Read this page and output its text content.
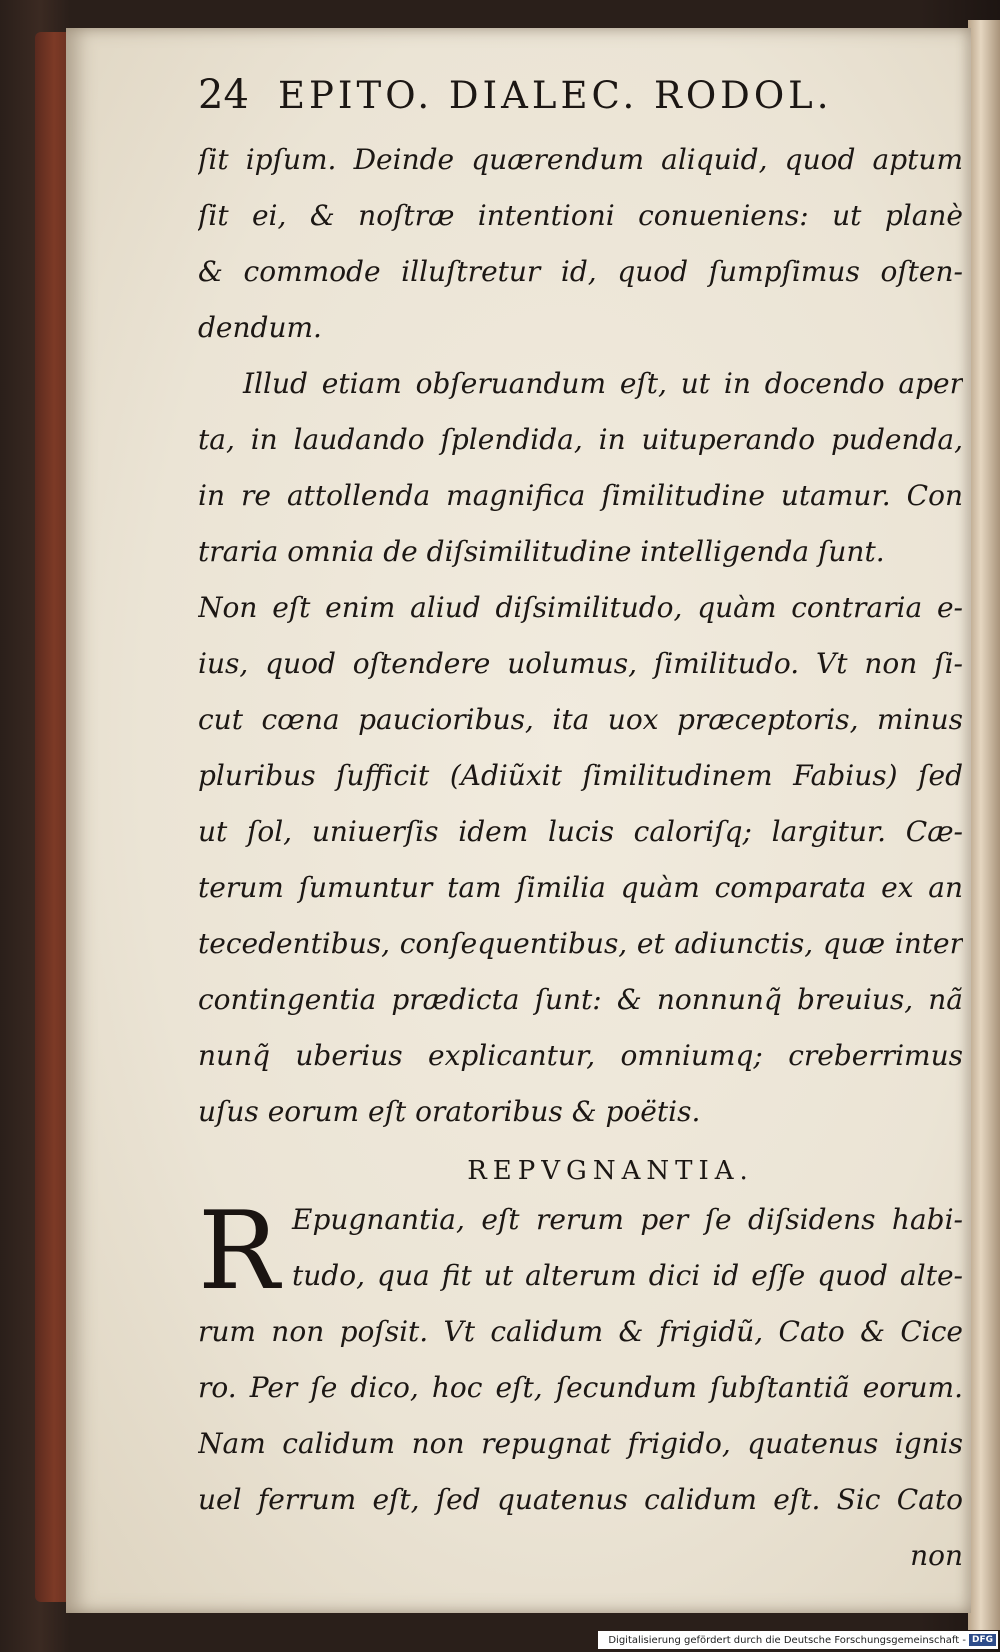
24 EPITO. DIALEC. RODOL.
ſit ipſum. Deinde quærendum aliquid, quod aptum
ſit ei, & noſtræ intentioni conueniens: ut planè
& commode illuſtretur id, quod ſumpſimus oſten-
dendum.
Illud etiam obſeruandum eſt, ut in docendo aper
ta, in laudando ſplendida, in uituperando pudenda,
in re attollenda magnifica ſimilitudine utamur. Con
traria omnia de diſsimilitudine intelligenda ſunt.
Non eſt enim aliud diſsimilitudo, quàm contraria e-
ius, quod oſtendere uolumus, ſimilitudo. Vt non ſi-
cut cœna paucioribus, ita uox præceptoris, minus
pluribus ſufficit (Adiũxit ſimilitudinem Fabius) ſed
ut ſol, uniuerſis idem lucis caloriſq; largitur. Cæ-
terum ſumuntur tam ſimilia quàm comparata ex an
tecedentibus, conſequentibus, et adiunctis, quæ inter
contingentia prædicta ſunt: & nonnunq̃ breuius, nã
nunq̃ uberius explicantur, omniumq; creberrimus
uſus eorum eſt oratoribus & poëtis.
REPVGNANTIA.
R Epugnantia, eſt rerum per ſe diſsidens habi-
tudo, qua fit ut alterum dici id eſſe quod alte-
rum non poſsit. Vt calidum & frigidũ, Cato & Cice
ro. Per ſe dico, hoc eſt, ſecundum ſubſtantiã eorum.
Nam calidum non repugnat frigido, quatenus ignis
uel ferrum eſt, ſed quatenus calidum eſt. Sic Cato
non
Digitalisierung gefördert durch die Deutsche Forschungsgemeinschaft - DFG
